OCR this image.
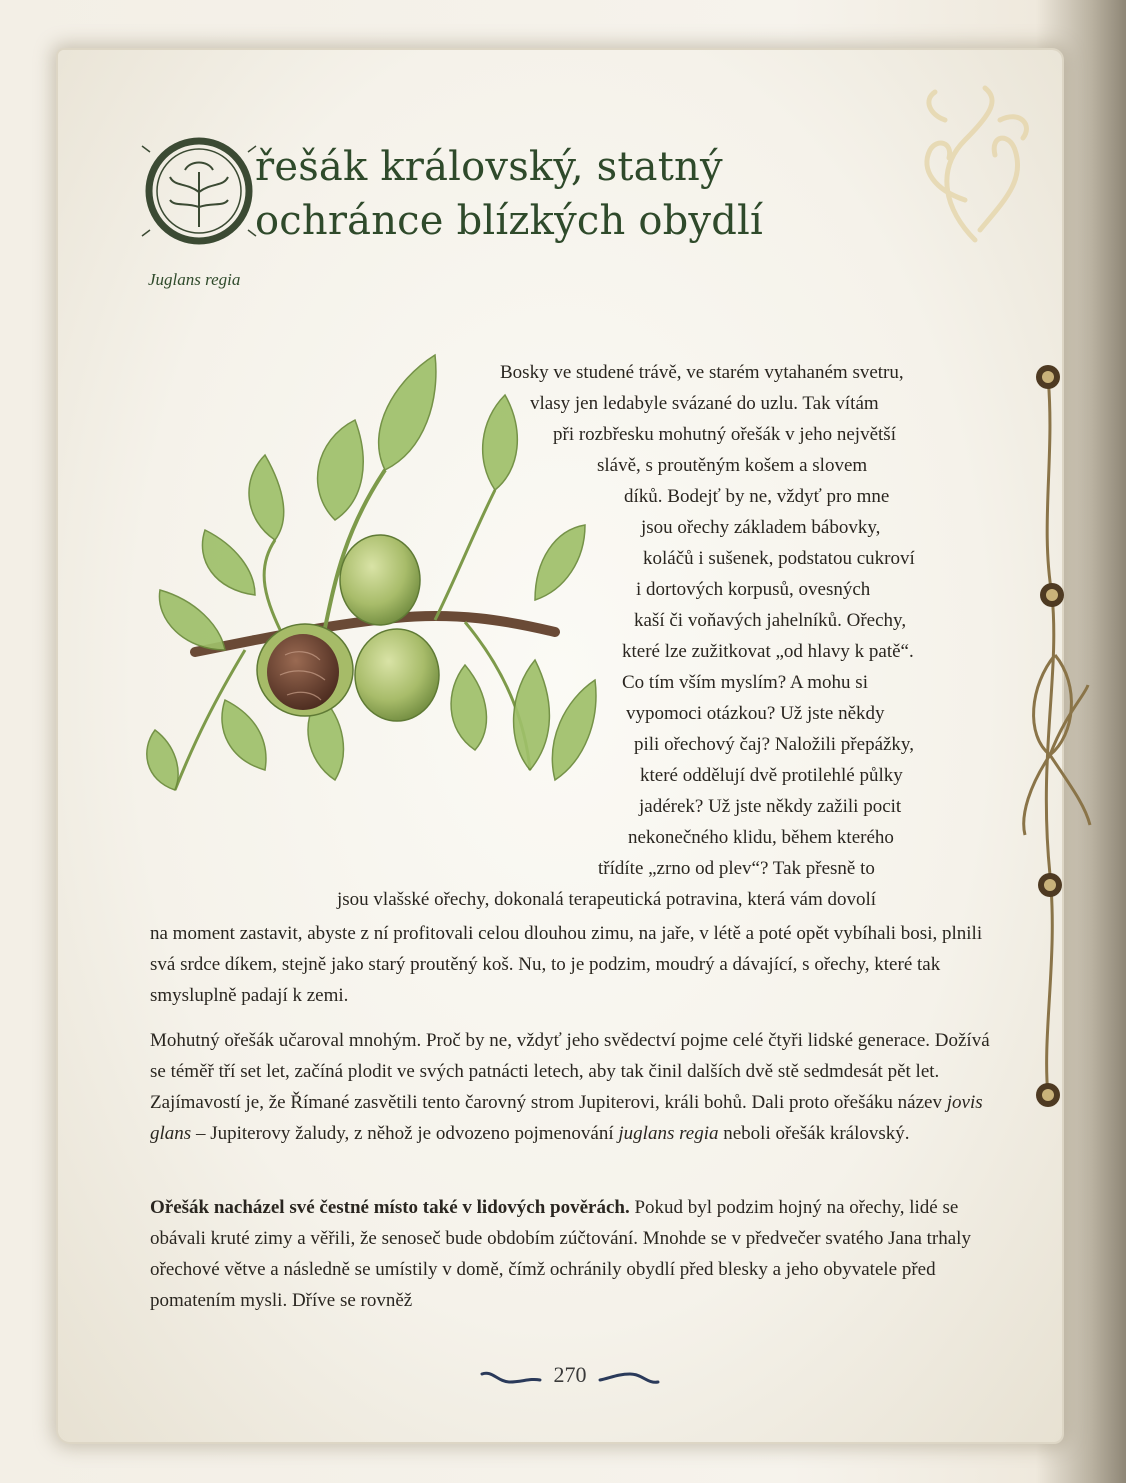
řešák královský, statný
ochránce blízkých obydlí
Juglans regia
Bosky ve studené trávě, ve starém vytahaném svetru,
vlasy jen ledabyle svázané do uzlu. Tak vítám
při rozbřesku mohutný ořešák v jeho největší
slávě, s proutěným košem a slovem
díků. Bodejť by ne, vždyť pro mne
jsou ořechy základem bábovky,
koláčů i sušenek, podstatou cukroví
i dortových korpusů, ovesných
kaší či voňavých jahelníků. Ořechy,
které lze zužitkovat „od hlavy k patě“.
Co tím vším myslím? A mohu si
vypomoci otázkou? Už jste někdy
pili ořechový čaj? Naložili přepážky,
které oddělují dvě protilehlé půlky
jadérek? Už jste někdy zažili pocit
nekonečného klidu, během kterého
třídíte „zrno od plev“? Tak přesně to
jsou vlašské ořechy, dokonalá terapeutická potravina, která vám dovolí
na moment zastavit, abyste z ní profitovali celou dlouhou zimu, na jaře, v létě a poté opět vybíhali bosi, plnili svá srdce díkem, stejně jako starý proutěný koš. Nu, to je podzim, moudrý a dávající, s ořechy, které tak smysluplně padají k zemi.
Mohutný ořešák učaroval mnohým. Proč by ne, vždyť jeho svědectví pojme celé čtyři lidské generace. Dožívá se téměř tří set let, začíná plodit ve svých patnácti letech, aby tak činil dalších dvě stě sedmdesát pět let. Zajímavostí je, že Římané zasvětili tento čarovný strom Jupiterovi, králi bohů. Dali proto ořešáku název jovis glans – Jupiterovy žaludy, z něhož je odvozeno pojmenování juglans regia neboli ořešák královský.
Ořešák nacházel své čestné místo také v lidových pověrách. Pokud byl podzim hojný na ořechy, lidé se obávali kruté zimy a věřili, že senoseč bude obdobím zúčtování. Mnohde se v předvečer svatého Jana trhaly ořechové větve a následně se umístily v domě, čímž ochránily obydlí před blesky a jeho obyvatele před pomatením mysli. Dříve se rovněž
270
